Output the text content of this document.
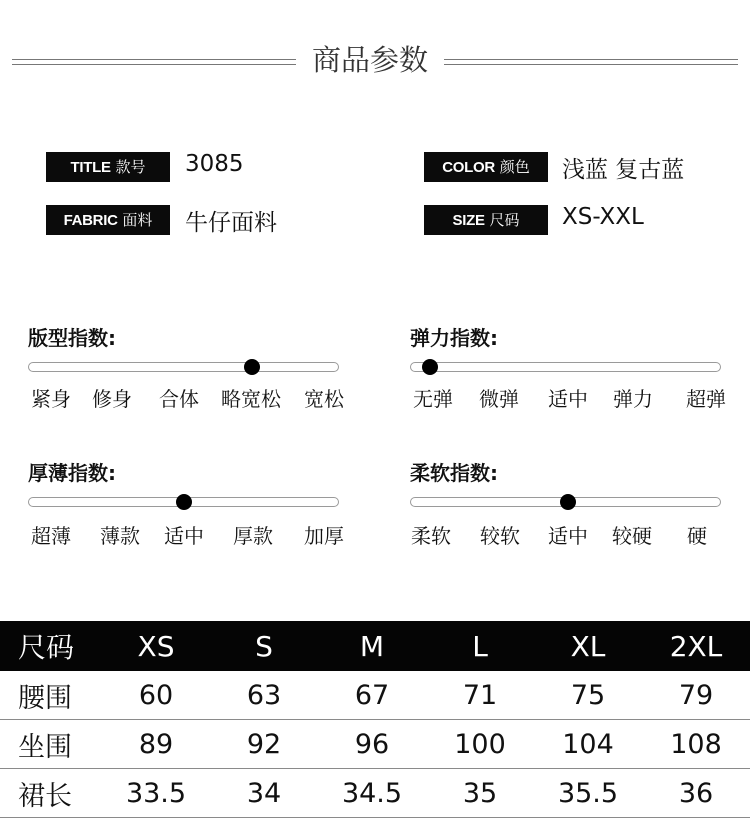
商品参数
TITLE 款号	3085	COLOR 颜色	浅蓝 复古蓝
FABRIC 面料	牛仔面料	SIZE 尺码	XS-XXL
版型指数:
紧身 修身 合体 略宽松 宽松
弹力指数:
无弹 微弹 适中 弹力 超弹
厚薄指数:
超薄 薄款 适中 厚款 加厚
柔软指数:
柔软 较软 适中 较硬 硬
尺码	XS	S	M	L	XL	2XL
腰围	60	63	67	71	75	79
坐围	89	92	96	100	104	108
裙长	33.5	34	34.5	35	35.5	36
